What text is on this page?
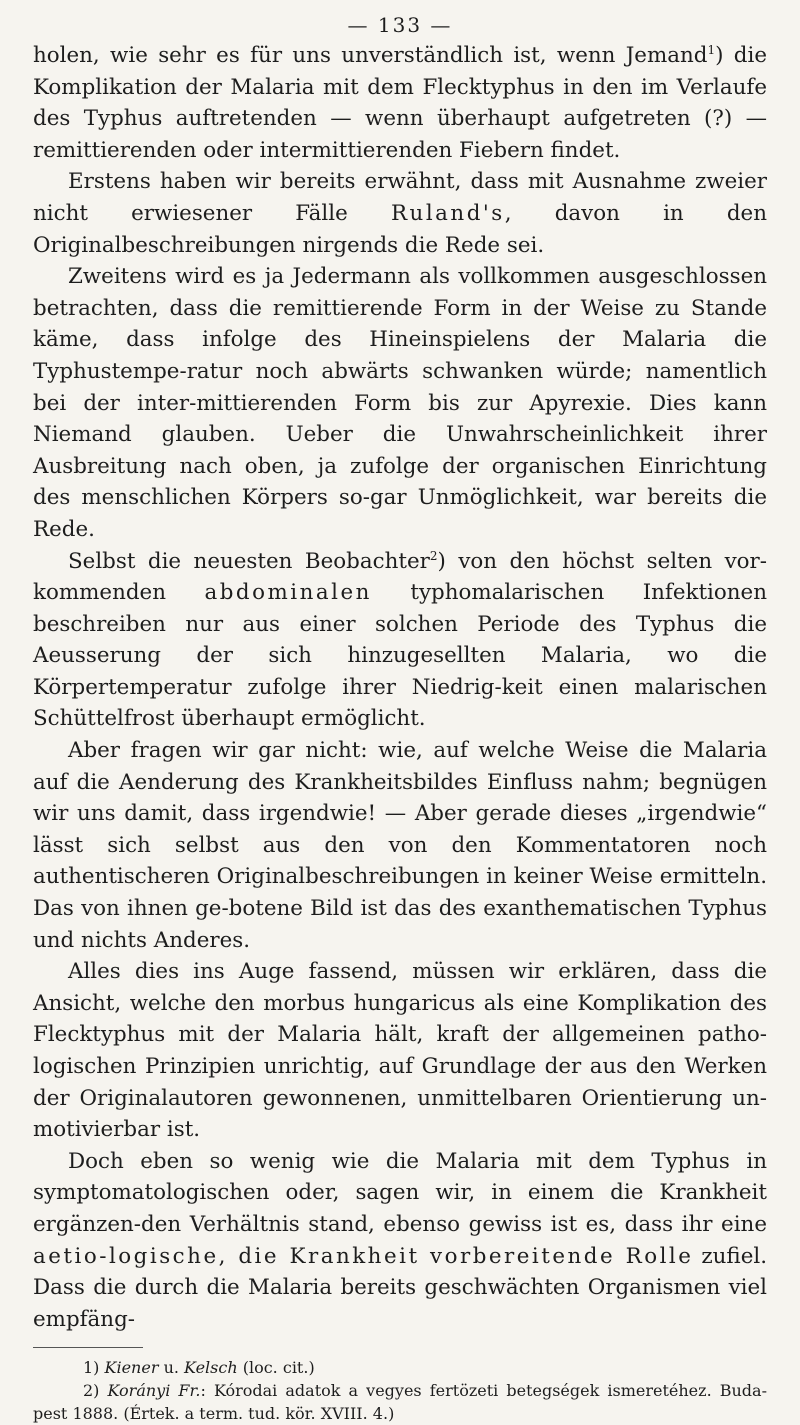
— 133 —

holen, wie sehr es für uns unverständlich ist, wenn Jemand$^1$) die Komplikation der Malaria mit dem Flecktyphus in den im Verlaufe des Typhus auftretenden — wenn überhaupt aufgetreten (?) — remittierenden oder intermittierenden Fiebern findet.

Erstens haben wir bereits erwähnt, dass mit Ausnahme zweier nicht erwiesener Fälle Ruland's, davon in den Originalbeschreibungen nirgends die Rede sei.

Zweitens wird es ja Jedermann als vollkommen ausgeschlossen betrachten, dass die remittierende Form in der Weise zu Stande käme, dass infolge des Hineinspielens der Malaria die Typhustempe-ratur noch abwärts schwanken würde; namentlich bei der inter-mittierenden Form bis zur Apyrexie. Dies kann Niemand glauben. Ueber die Unwahrscheinlichkeit ihrer Ausbreitung nach oben, ja zufolge der organischen Einrichtung des menschlichen Körpers so-gar Unmöglichkeit, war bereits die Rede.

Selbst die neuesten Beobachter$^2$) von den höchst selten vor-kommenden abdominalen typhomalarischen Infektionen beschreiben nur aus einer solchen Periode des Typhus die Aeusserung der sich hinzugesellten Malaria, wo die Körpertemperatur zufolge ihrer Niedrig-keit einen malarischen Schüttelfrost überhaupt ermöglicht.

Aber fragen wir gar nicht: wie, auf welche Weise die Malaria auf die Aenderung des Krankheitsbildes Einfluss nahm; begnügen wir uns damit, dass irgendwie! — Aber gerade dieses „irgendwie“ lässt sich selbst aus den von den Kommentatoren noch authentischeren Originalbeschreibungen in keiner Weise ermitteln. Das von ihnen ge-botene Bild ist das des exanthematischen Typhus und nichts Anderes.

Alles dies ins Auge fassend, müssen wir erklären, dass die Ansicht, welche den morbus hungaricus als eine Komplikation des Flecktyphus mit der Malaria hält, kraft der allgemeinen patho-logischen Prinzipien unrichtig, auf Grundlage der aus den Werken der Originalautoren gewonnenen, unmittelbaren Orientierung un-motivierbar ist.

Doch eben so wenig wie die Malaria mit dem Typhus in symptomatologischen oder, sagen wir, in einem die Krankheit ergänzen-den Verhältnis stand, ebenso gewiss ist es, dass ihr eine aetio-logische, die Krankheit vorbereitende Rolle zufiel. Dass die durch die Malaria bereits geschwächten Organismen viel empfäng-

1) Kiener u. Kelsch (loc. cit.)

2) Korányi Fr.: Kórodai adatok a vegyes fertözeti betegségek ismeretéhez. Buda-pest 1888. (Értek. a term. tud. kör. XVIII. 4.)
